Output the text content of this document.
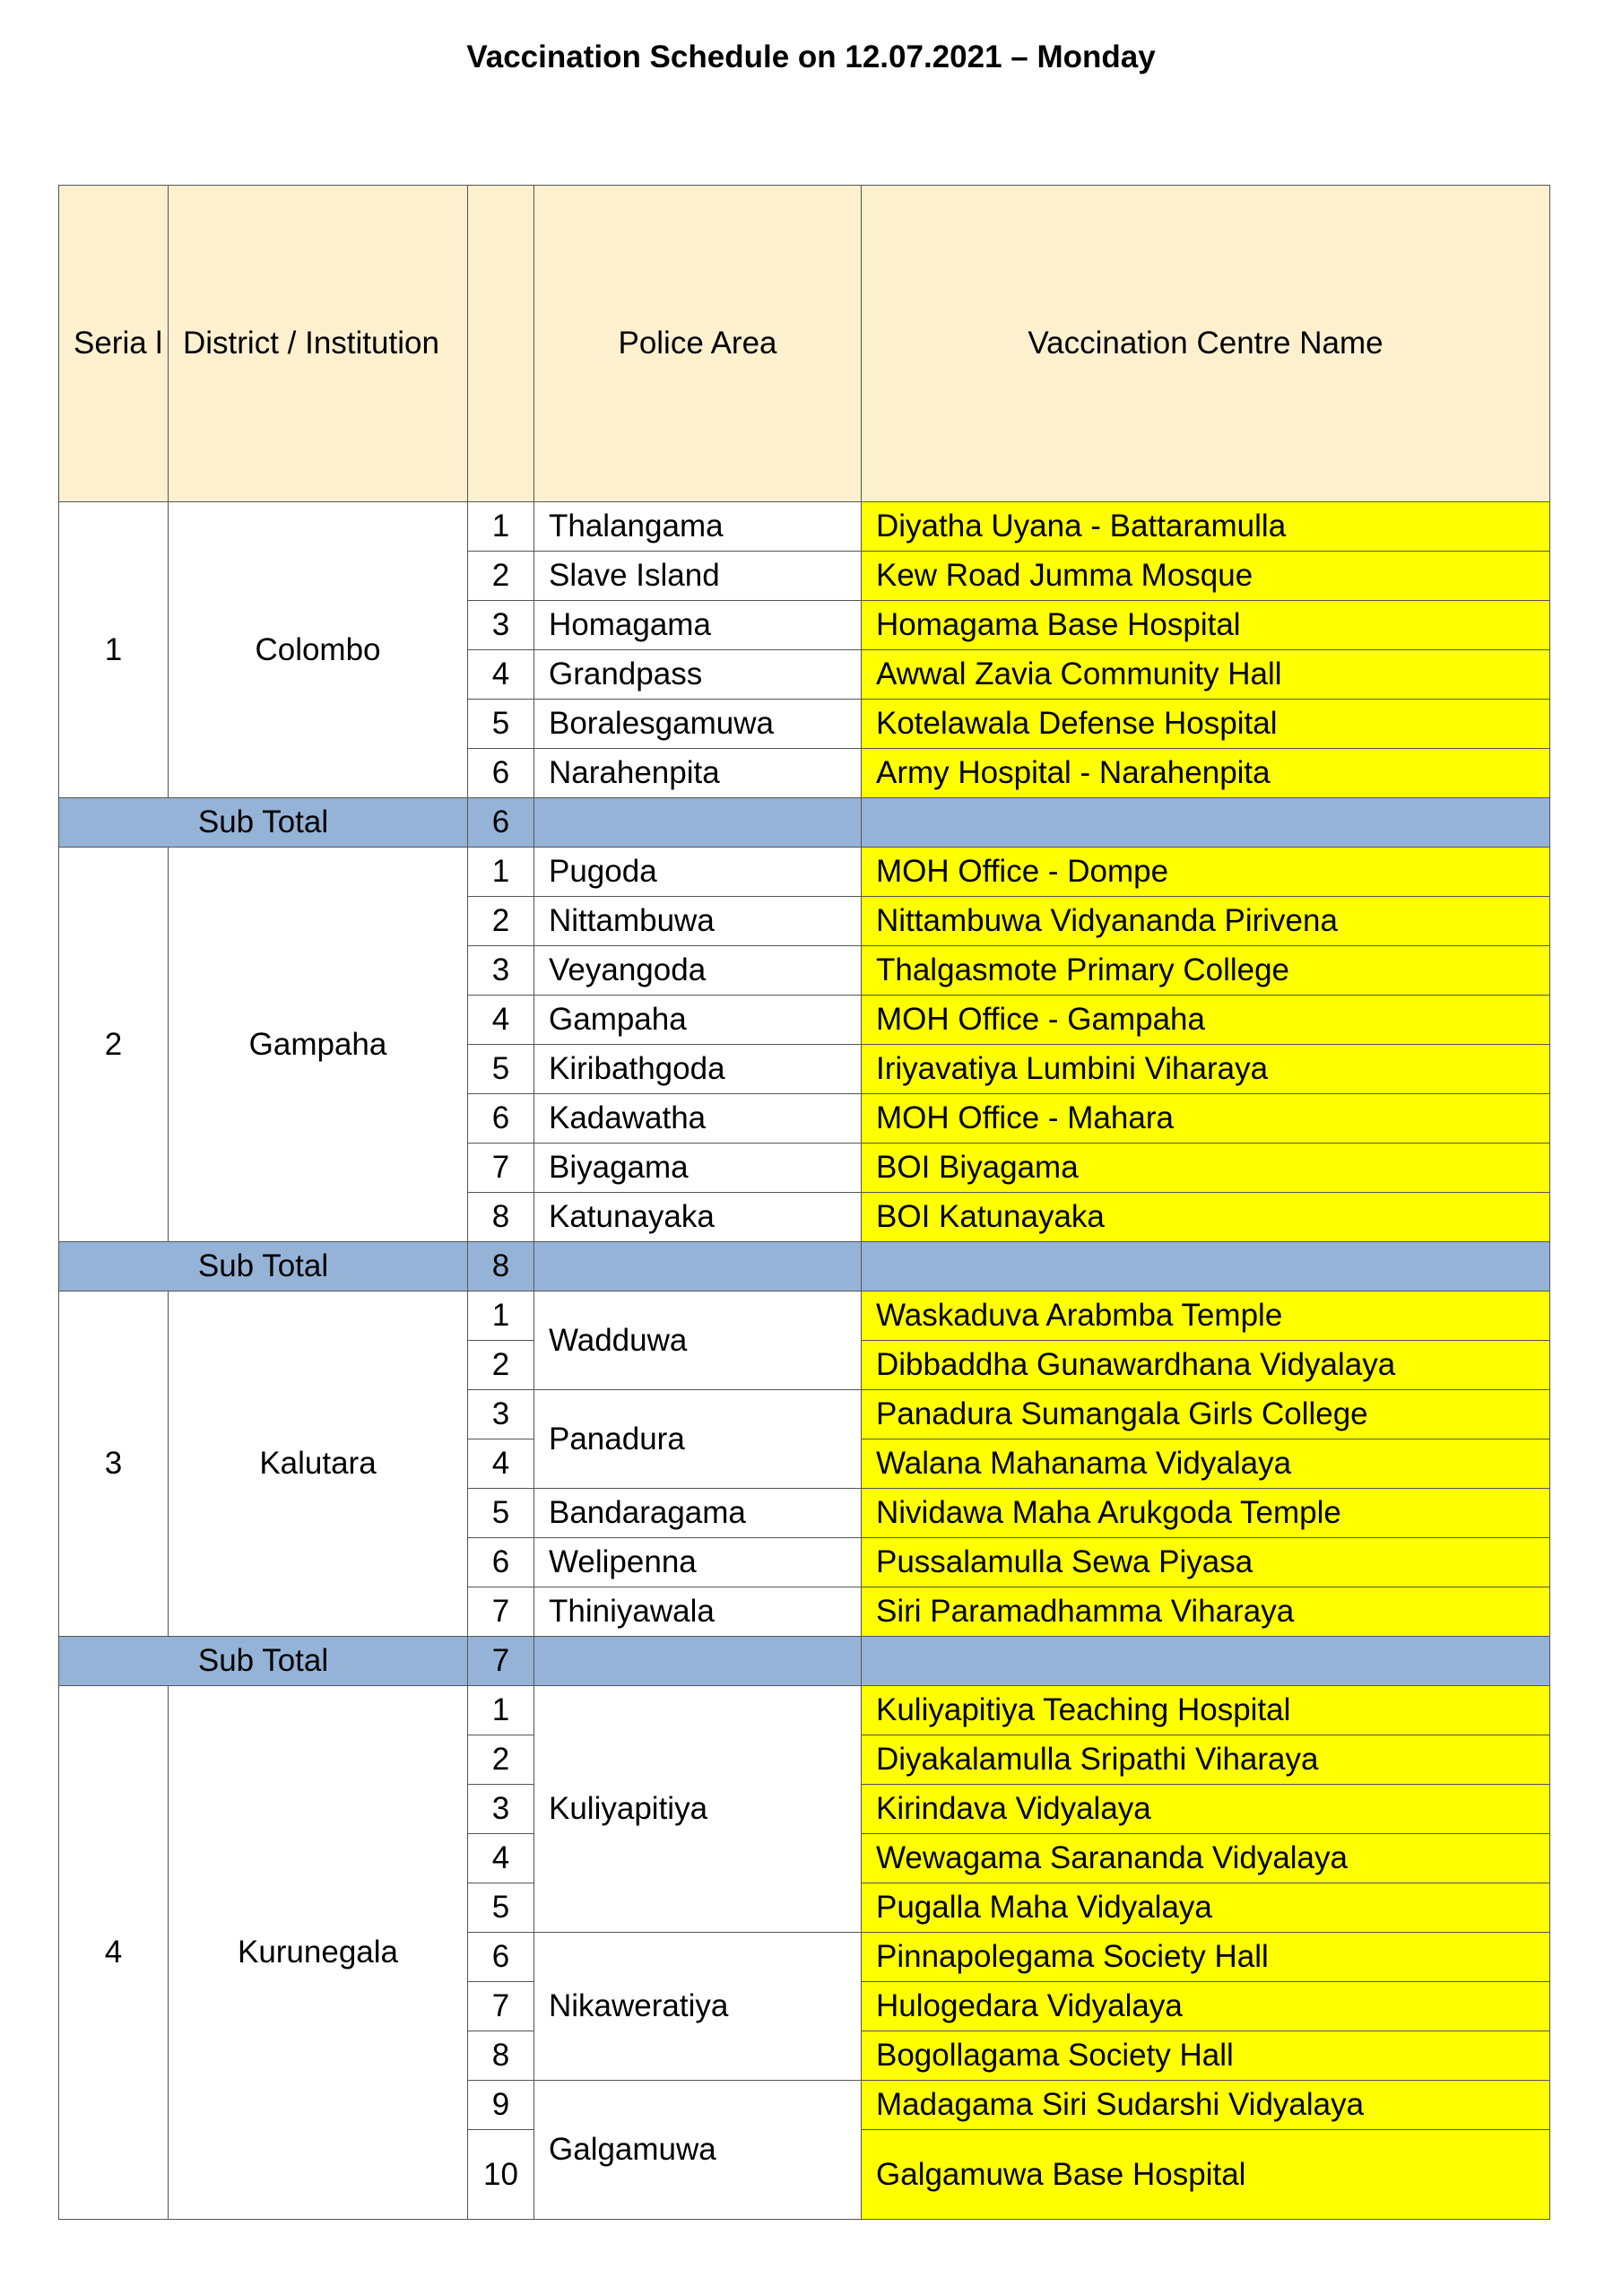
Vaccination Schedule on 12.07.2021 – Monday
Seria l	District / Institution		Police Area	Vaccination Centre Name
1	Colombo	1	Thalangama	Diyatha Uyana - Battaramulla
		2	Slave Island	Kew Road Jumma Mosque
		3	Homagama	Homagama Base Hospital
		4	Grandpass	Awwal Zavia Community Hall
		5	Boralesgamuwa	Kotelawala Defense Hospital
		6	Narahenpita	Army Hospital - Narahenpita
Sub Total		6		
2	Gampaha	1	Pugoda	MOH Office - Dompe
		2	Nittambuwa	Nittambuwa Vidyananda Pirivena
		3	Veyangoda	Thalgasmote Primary College
		4	Gampaha	MOH Office - Gampaha
		5	Kiribathgoda	Iriyavatiya Lumbini Viharaya
		6	Kadawatha	MOH Office - Mahara
		7	Biyagama	BOI Biyagama
		8	Katunayaka	BOI Katunayaka
Sub Total		8		
3	Kalutara	1	Wadduwa	Waskaduva Arabmba Temple
		2		Dibbaddha Gunawardhana Vidyalaya
		3	Panadura	Panadura Sumangala Girls College
		4		Walana Mahanama Vidyalaya
		5	Bandaragama	Nividawa Maha Arukgoda Temple
		6	Welipenna	Pussalamulla Sewa Piyasa
		7	Thiniyawala	Siri Paramadhamma Viharaya
Sub Total		7		
4	Kurunegala	1	Kuliyapitiya	Kuliyapitiya Teaching Hospital
		2		Diyakalamulla Sripathi Viharaya
		3		Kirindava Vidyalaya
		4		Wewagama Sarananda Vidyalaya
		5		Pugalla Maha Vidyalaya
		6	Nikaweratiya	Pinnapolegama Society Hall
		7		Hulogedara Vidyalaya
		8		Bogollagama Society Hall
		9	Galgamuwa	Madagama Siri Sudarshi Vidyalaya
		10		Galgamuwa Base Hospital
